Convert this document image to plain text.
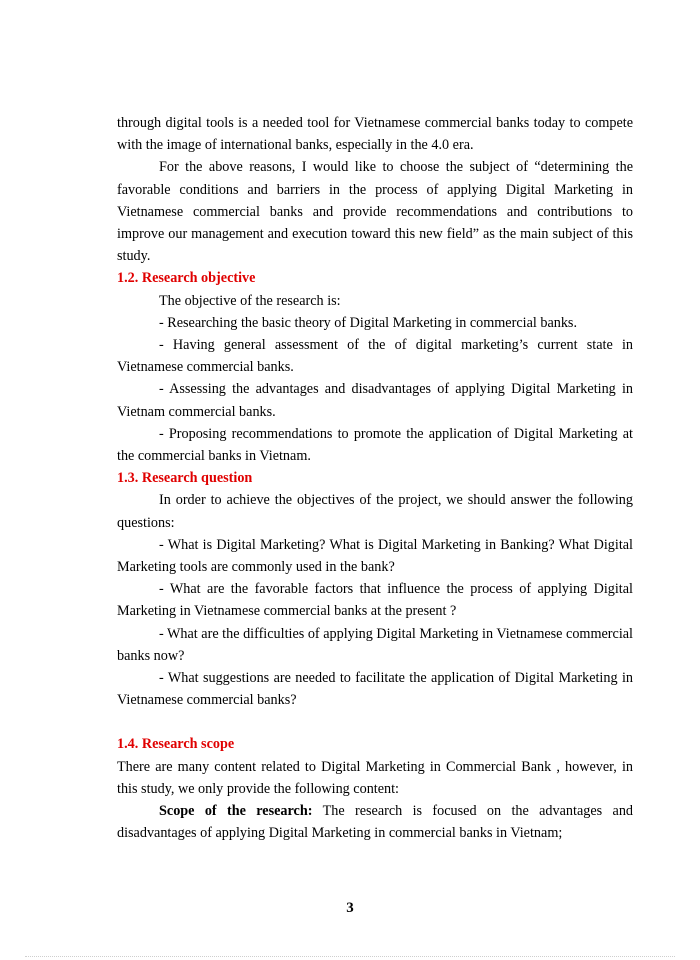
through digital tools is a needed tool for Vietnamese commercial banks today to compete with the image of international banks, especially in the 4.0 era.

For the above reasons, I would like to choose the subject of “determining the favorable conditions and barriers in the process of applying Digital Marketing in Vietnamese commercial banks and provide recommendations and contributions to improve our management and execution toward this new field” as the main subject of this study.

1.2. Research objective

The objective of the research is:

- Researching the basic theory of Digital Marketing in commercial banks.

- Having general assessment of the of digital marketing’s current state in Vietnamese commercial banks.

- Assessing the advantages and disadvantages of applying Digital Marketing in Vietnam commercial banks.

- Proposing recommendations to promote the application of Digital Marketing at the commercial banks in Vietnam.

1.3. Research question

In order to achieve the objectives of the project, we should answer the following questions:

- What is Digital Marketing? What is Digital Marketing in Banking? What Digital Marketing tools are commonly used in the bank?

- What are the favorable factors that influence the process of applying Digital Marketing in Vietnamese commercial banks at the present ?

- What are the difficulties of applying Digital Marketing in Vietnamese commercial banks now?

- What suggestions are needed to facilitate the application of Digital Marketing in Vietnamese commercial banks?

1.4. Research scope

There are many content related to Digital Marketing in Commercial Bank , however, in this study, we only provide the following content:

Scope of the research: The research is focused on the advantages and disadvantages of applying Digital Marketing in commercial banks in Vietnam;

3
